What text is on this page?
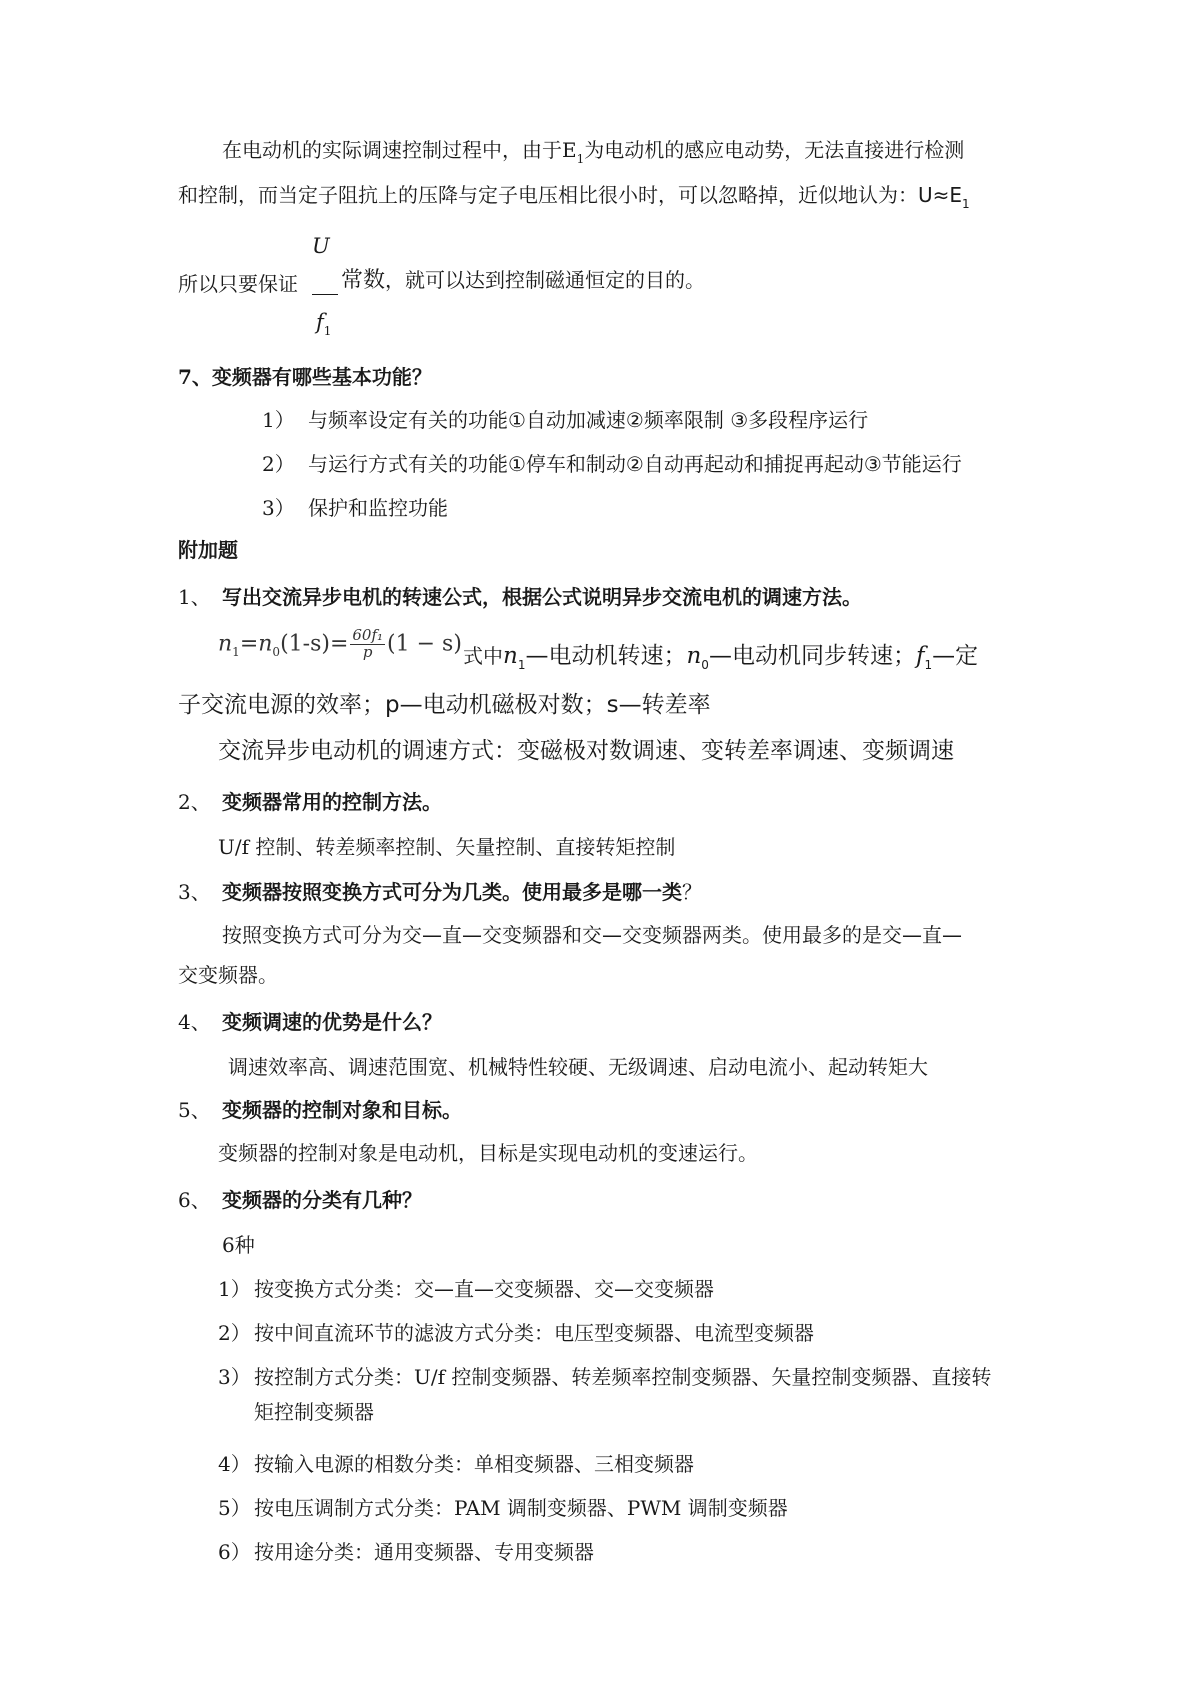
在电动机的实际调速控制过程中，由于$E_1$为电动机的感应电动势，无法直接进行检测
和控制，而当定子阻抗上的压降与定子电压相比很小时，可以忽略掉，近似地认为：$U\approx E_1$
U
所以只要保证 常数，就可以达到控制磁通恒定的目的。
$f_1$
7、变频器有哪些基本功能？
1） 与频率设定有关的功能①自动加减速②频率限制 ③多段程序运行
2） 与运行方式有关的功能①停车和制动②自动再起动和捕捉再起动③节能运行
3） 保护和监控功能
附加题
1、 写出交流异步电机的转速公式，根据公式说明异步交流电机的调速方法。
$n_1=n_0(1-s)= \frac{\text{60f₁}}{p} (1 - s)$ 式中$n_1—$电动机转速；$n_0—$电动机同步转速；$f_1—$定
子交流电源的效率；p—电动机磁极对数；s—转差率
交流异步电动机的调速方式：变磁极对数调速、变转差率调速、变频调速
2、 变频器常用的控制方法。
U/f 控制、转差频率控制、矢量控制、直接转矩控制
3、 变频器按照变换方式可分为几类。使用最多是哪一类？
按照变换方式可分为交—直—交变频器和交—交变频器两类。使用最多的是交—直—
交变频器。
4、 变频调速的优势是什么？
调速效率高、调速范围宽、机械特性较硬、无级调速、启动电流小、起动转矩大
5、 变频器的控制对象和目标。
变频器的控制对象是电动机，目标是实现电动机的变速运行。
6、 变频器的分类有几种？
6种
1） 按变换方式分类：交—直—交变频器、交—交变频器
2） 按中间直流环节的滤波方式分类：电压型变频器、电流型变频器
3） 按控制方式分类：U/f 控制变频器、转差频率控制变频器、矢量控制变频器、直接转
矩控制变频器
4） 按输入电源的相数分类：单相变频器、三相变频器
5） 按电压调制方式分类：PAM 调制变频器、PWM 调制变频器
6） 按用途分类：通用变频器、专用变频器
